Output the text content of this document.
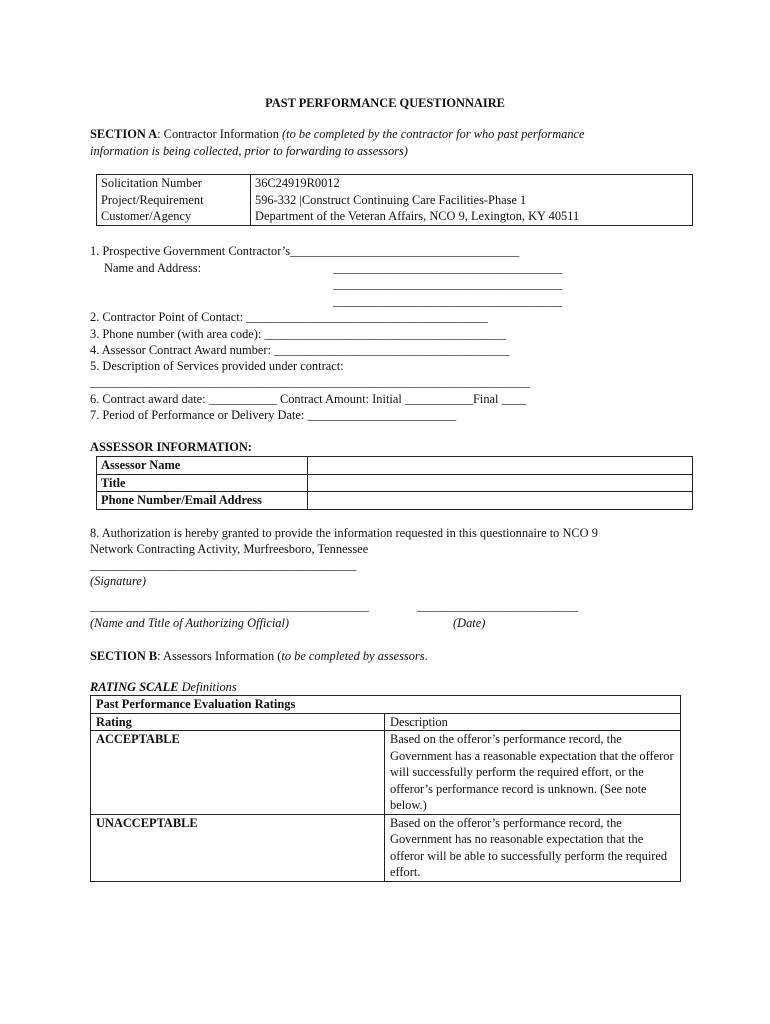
PAST PERFORMANCE QUESTIONNAIRE
SECTION A: Contractor Information (to be completed by the contractor for who past performance
information is being collected, prior to forwarding to assessors)
Solicitation Number	36C24919R0012
Project/Requirement	596-332 |Construct Continuing Care Facilities-Phase 1
Customer/Agency	Department of the Veteran Affairs, NCO 9, Lexington, KY 40511
1. Prospective Government Contractor’s_____________________________________
Name and Address:	_____________________________________
_____________________________________
_____________________________________
2. Contractor Point of Contact: _______________________________________
3. Phone number (with area code): _______________________________________
4. Assessor Contract Award number: ______________________________________
5. Description of Services provided under contract:
_______________________________________________________________________
6. Contract award date: ___________ Contract Amount: Initial ___________Final ____
7. Period of Performance or Delivery Date: ________________________
ASSESSOR INFORMATION:
Assessor Name	
Title	
Phone Number/Email Address	
8. Authorization is hereby granted to provide the information requested in this questionnaire to NCO 9
Network Contracting Activity, Murfreesboro, Tennessee
___________________________________________
(Signature)
_____________________________________________	__________________________
(Name and Title of Authorizing Official)	(Date)
SECTION B: Assessors Information (to be completed by assessors.
RATING SCALE Definitions
Past Performance Evaluation Ratings	
Rating	Description
ACCEPTABLE	Based on the offeror’s performance record, the Government has a reasonable expectation that the offeror will successfully perform the required effort, or the offeror’s performance record is unknown. (See note below.)
UNACCEPTABLE	Based on the offeror’s performance record, the Government has no reasonable expectation that the offeror will be able to successfully perform the required effort.
